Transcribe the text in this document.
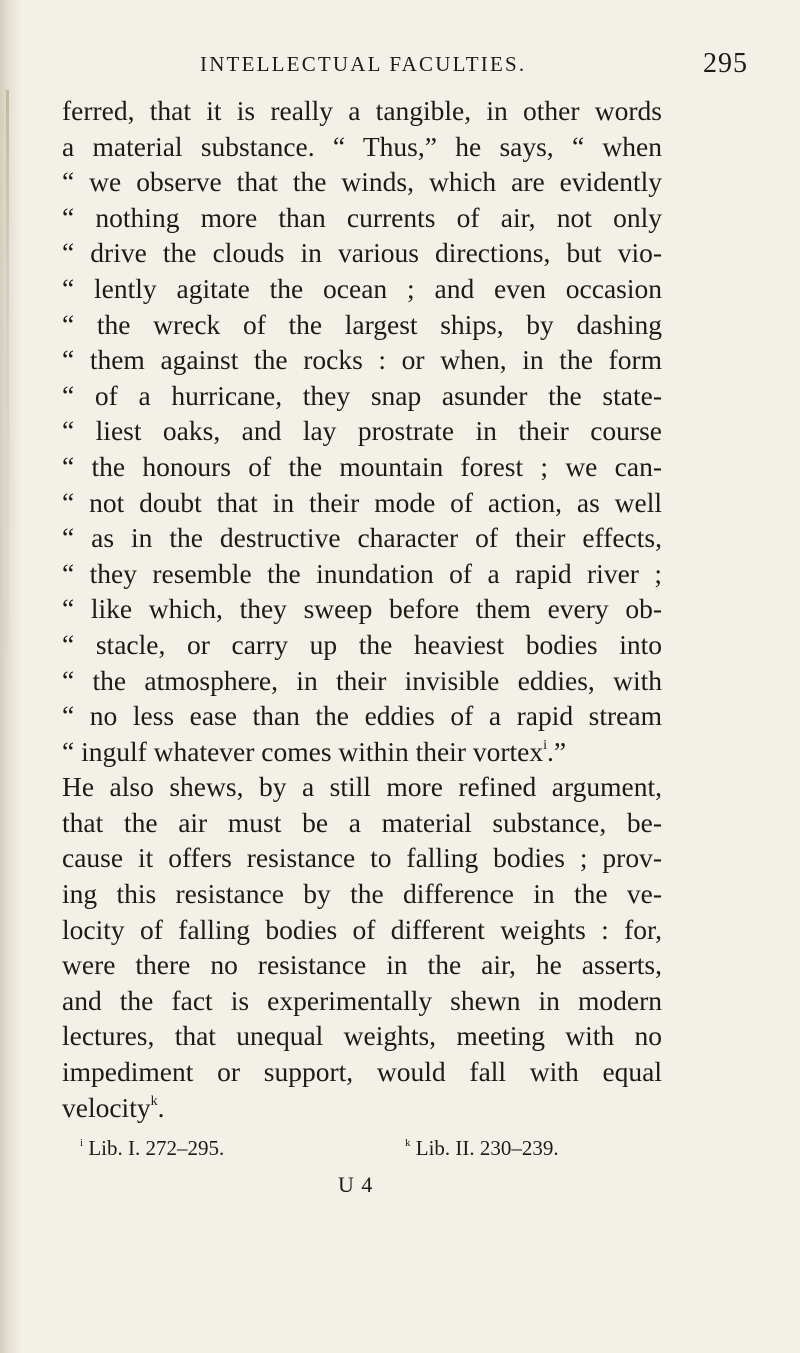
INTELLECTUAL FACULTIES.	295
ferred, that it is really a tangible, in other words
a material substance. “ Thus,” he says, “ when
“ we observe that the winds, which are evidently
“ nothing more than currents of air, not only
“ drive the clouds in various directions, but vio-
“ lently agitate the ocean ; and even occasion
“ the wreck of the largest ships, by dashing
“ them against the rocks : or when, in the form
“ of a hurricane, they snap asunder the state-
“ liest oaks, and lay prostrate in their course
“ the honours of the mountain forest ; we can-
“ not doubt that in their mode of action, as well
“ as in the destructive character of their effects,
“ they resemble the inundation of a rapid river ;
“ like which, they sweep before them every ob-
“ stacle, or carry up the heaviest bodies into
“ the atmosphere, in their invisible eddies, with
“ no less ease than the eddies of a rapid stream
“ ingulf whatever comes within their vortex$^i$.”
He also shews, by a still more refined argument,
that the air must be a material substance, be-
cause it offers resistance to falling bodies ; prov-
ing this resistance by the difference in the ve-
locity of falling bodies of different weights : for,
were there no resistance in the air, he asserts,
and the fact is experimentally shewn in modern
lectures, that unequal weights, meeting with no
impediment or support, would fall with equal
velocity$^k$.
$^i$ Lib. I. 272–295.	$^k$ Lib. II. 230–239.
U 4
